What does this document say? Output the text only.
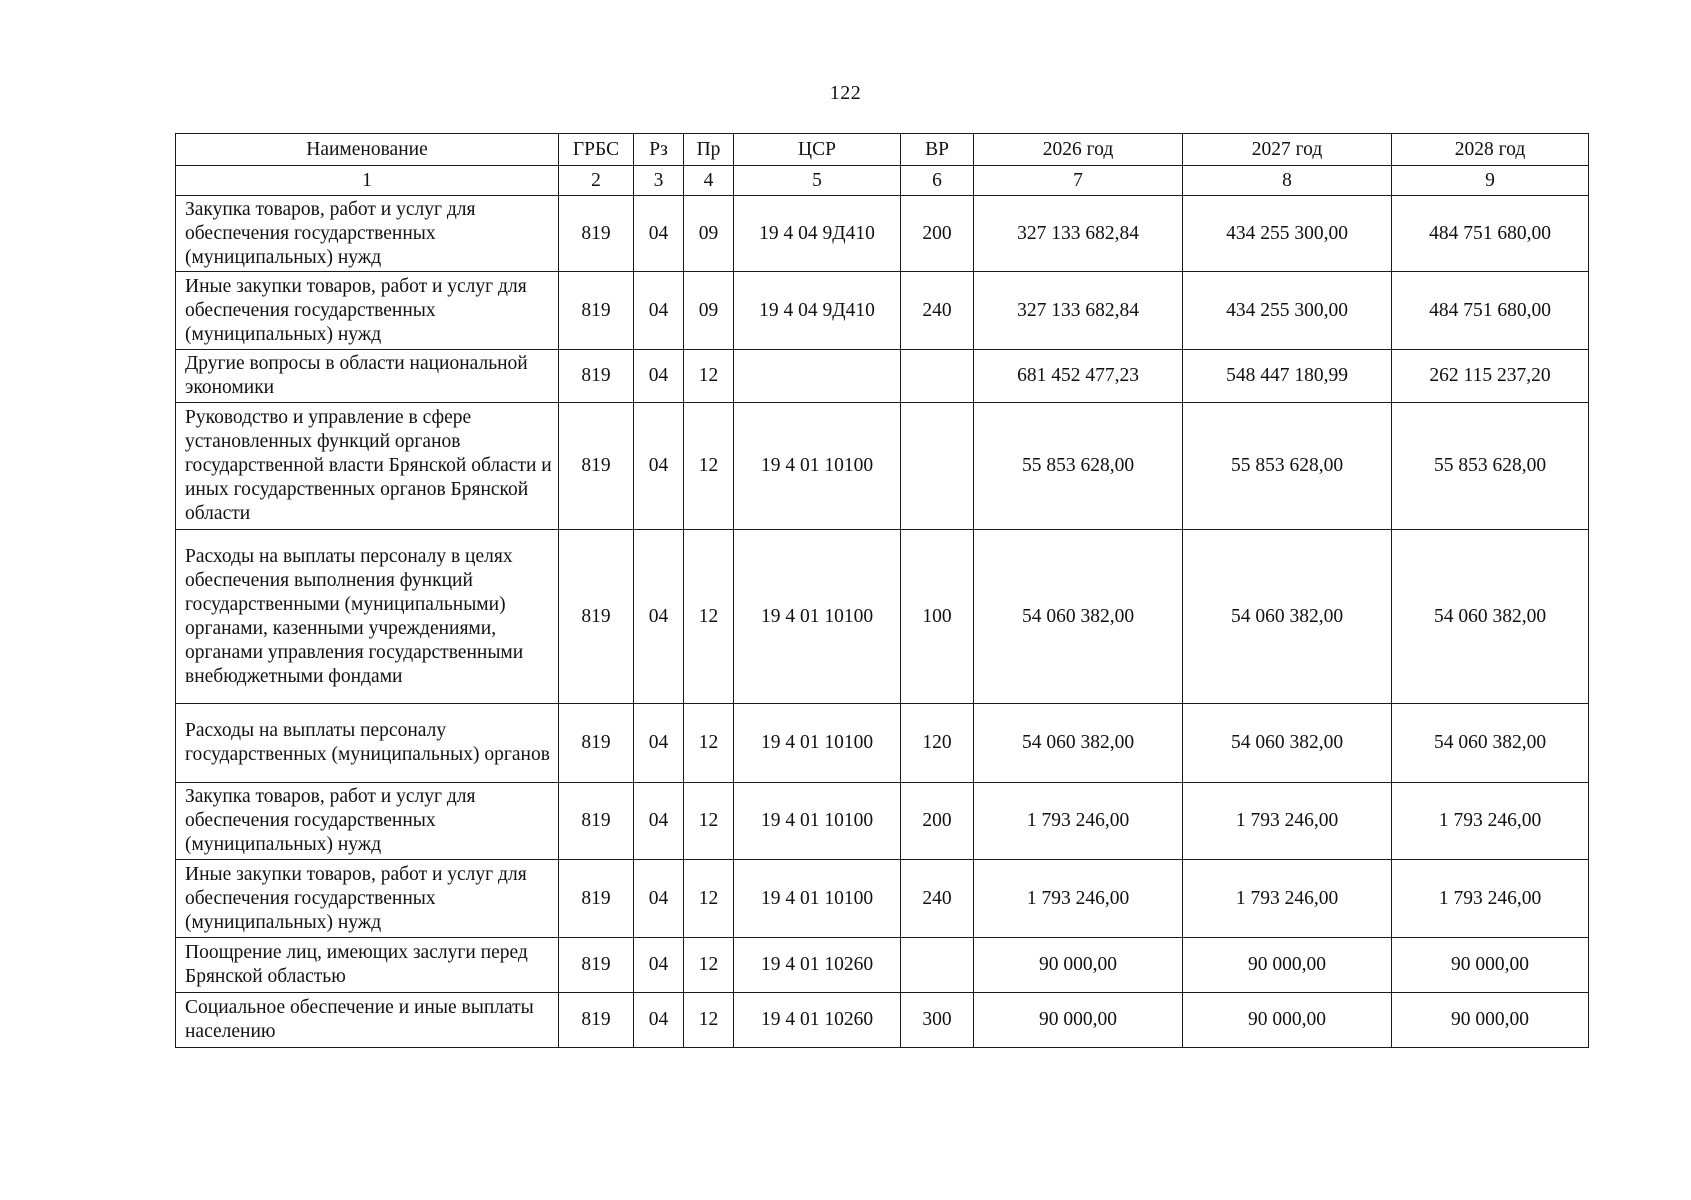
122
Наименование	ГРБС	Рз	Пр	ЦСР	ВР	2026 год	2027 год	2028 год
1	2	3	4	5	6	7	8	9
Закупка товаров, работ и услуг для обеспечения государственных (муниципальных) нужд	819	04	09	19 4 04 9Д410	200	327 133 682,84	434 255 300,00	484 751 680,00
Иные закупки товаров, работ и услуг для обеспечения государственных (муниципальных) нужд	819	04	09	19 4 04 9Д410	240	327 133 682,84	434 255 300,00	484 751 680,00
Другие вопросы в области национальной экономики	819	04	12			681 452 477,23	548 447 180,99	262 115 237,20
Руководство и управление в сфере установленных функций органов государственной власти Брянской области и иных государственных органов Брянской области	819	04	12	19 4 01 10100		55 853 628,00	55 853 628,00	55 853 628,00
Расходы на выплаты персоналу в целях обеспечения выполнения функций государственными (муниципальными) органами, казенными учреждениями, органами управления государственными внебюджетными фондами	819	04	12	19 4 01 10100	100	54 060 382,00	54 060 382,00	54 060 382,00
Расходы на выплаты персоналу государственных (муниципальных) органов	819	04	12	19 4 01 10100	120	54 060 382,00	54 060 382,00	54 060 382,00
Закупка товаров, работ и услуг для обеспечения государственных (муниципальных) нужд	819	04	12	19 4 01 10100	200	1 793 246,00	1 793 246,00	1 793 246,00
Иные закупки товаров, работ и услуг для обеспечения государственных (муниципальных) нужд	819	04	12	19 4 01 10100	240	1 793 246,00	1 793 246,00	1 793 246,00
Поощрение лиц, имеющих заслуги перед Брянской областью	819	04	12	19 4 01 10260		90 000,00	90 000,00	90 000,00
Социальное обеспечение и иные выплаты населению	819	04	12	19 4 01 10260	300	90 000,00	90 000,00	90 000,00
